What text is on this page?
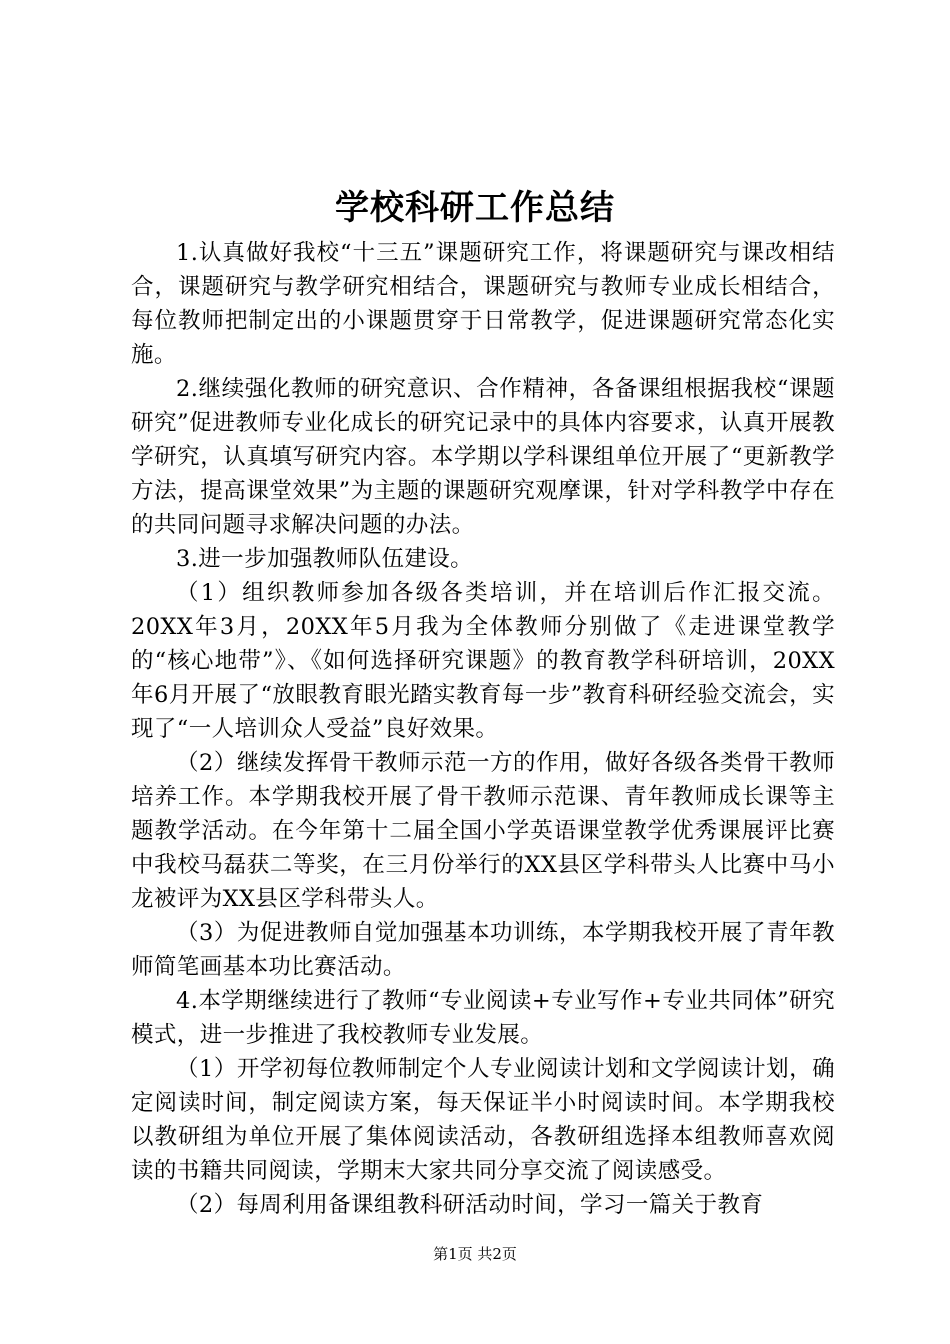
学校科研工作总结

1.认真做好我校“十三五”课题研究工作，将课题研究与课改相结合，课题研究与教学研究相结合，课题研究与教师专业成长相结合，每位教师把制定出的小课题贯穿于日常教学，促进课题研究常态化实施。

2.继续强化教师的研究意识、合作精神，各备课组根据我校“课题研究”促进教师专业化成长的研究记录中的具体内容要求，认真开展教学研究，认真填写研究内容。本学期以学科课组单位开展了“更新教学方法，提高课堂效果”为主题的课题研究观摩课，针对学科教学中存在的共同问题寻求解决问题的办法。

3.进一步加强教师队伍建设。

（1）组织教师参加各级各类培训，并在培训后作汇报交流。20XX年3月，20XX年5月我为全体教师分别做了《走进课堂教学的“核心地带”》、《如何选择研究课题》的教育教学科研培训，20XX年6月开展了“放眼教育眼光踏实教育每一步”教育科研经验交流会，实现了“一人培训众人受益”良好效果。

（2）继续发挥骨干教师示范一方的作用，做好各级各类骨干教师培养工作。本学期我校开展了骨干教师示范课、青年教师成长课等主题教学活动。在今年第十二届全国小学英语课堂教学优秀课展评比赛中我校马磊获二等奖，在三月份举行的XX县区学科带头人比赛中马小龙被评为XX县区学科带头人。

（3）为促进教师自觉加强基本功训练，本学期我校开展了青年教师简笔画基本功比赛活动。

4.本学期继续进行了教师“专业阅读+专业写作+专业共同体”研究模式，进一步推进了我校教师专业发展。

（1）开学初每位教师制定个人专业阅读计划和文学阅读计划，确定阅读时间，制定阅读方案，每天保证半小时阅读时间。本学期我校以教研组为单位开展了集体阅读活动，各教研组选择本组教师喜欢阅读的书籍共同阅读，学期末大家共同分享交流了阅读感受。

（2）每周利用备课组教科研活动时间，学习一篇关于教育

第1页 共2页
